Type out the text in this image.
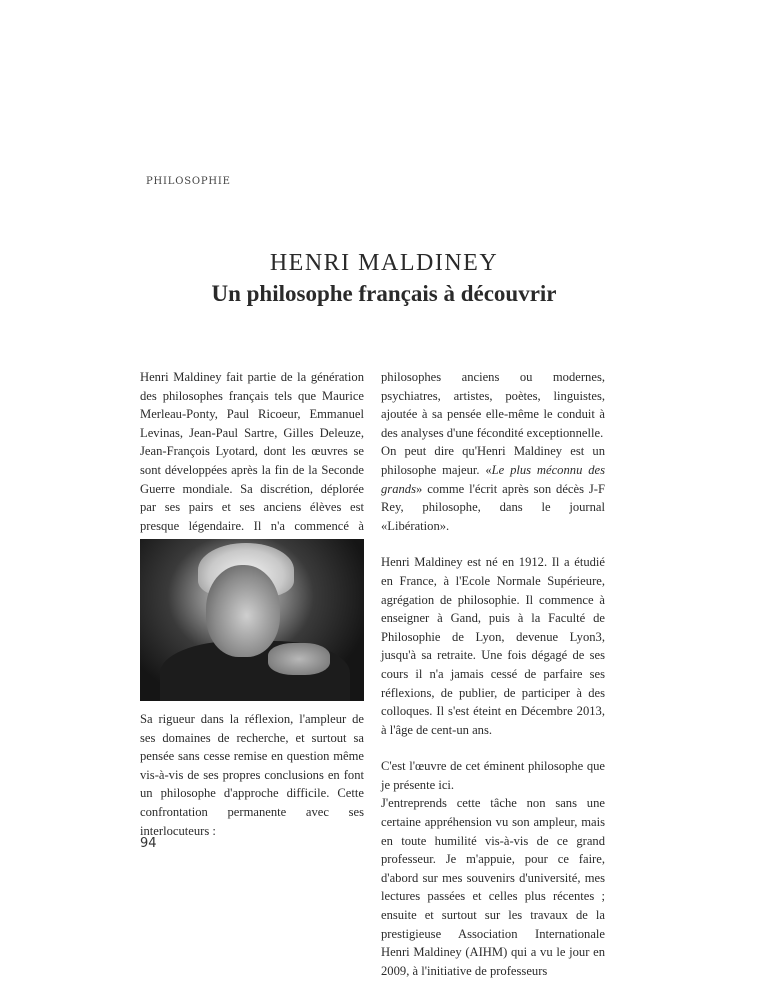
PHILOSOPHIE
HENRI MALDINEY
Un philosophe français à découvrir

Henri Maldiney fait partie de la génération des philosophes français tels que Maurice Merleau-Ponty, Paul Ricoeur, Emmanuel Levinas, Jean-Paul Sartre, Gilles Deleuze, Jean-François Lyotard, dont les œuvres se sont développées après la fin de la Seconde Guerre mondiale. Sa discrétion, déplorée par ses pairs et ses anciens élèves est presque légendaire. Il n'a commencé à

Sa rigueur dans la réflexion, l'ampleur de ses domaines de recherche, et surtout sa pensée sans cesse remise en question même vis-à-vis de ses propres conclusions en font un philosophe d'approche difficile. Cette confrontation permanente avec ses interlocuteurs :

philosophes anciens ou modernes, psychiatres, artistes, poètes, linguistes, ajoutée à sa pensée elle-même le conduit à des analyses d'une fécondité exceptionnelle.

On peut dire qu'Henri Maldiney est un philosophe majeur. «Le plus méconnu des grands» comme l'écrit après son décès J-F Rey, philosophe, dans le journal «Libération».

Henri Maldiney est né en 1912. Il a étudié en France, à l'Ecole Normale Supérieure, agrégation de philosophie. Il commence à enseigner à Gand, puis à la Faculté de Philosophie de Lyon, devenue Lyon3, jusqu'à sa retraite. Une fois dégagé de ses cours il n'a jamais cessé de parfaire ses réflexions, de publier, de participer à des colloques. Il s'est éteint en Décembre 2013, à l'âge de cent-un ans.

C'est l'œuvre de cet éminent philosophe que je présente ici.

J'entreprends cette tâche non sans une certaine appréhension vu son ampleur, mais en toute humilité vis-à-vis de ce grand professeur. Je m'appuie, pour ce faire, d'abord sur mes souvenirs d'université, mes lectures passées et celles plus récentes ; ensuite et surtout sur les travaux de la prestigieuse Association Internationale Henri Maldiney (AIHM) qui a vu le jour en 2009, à l'initiative de professeurs

94
